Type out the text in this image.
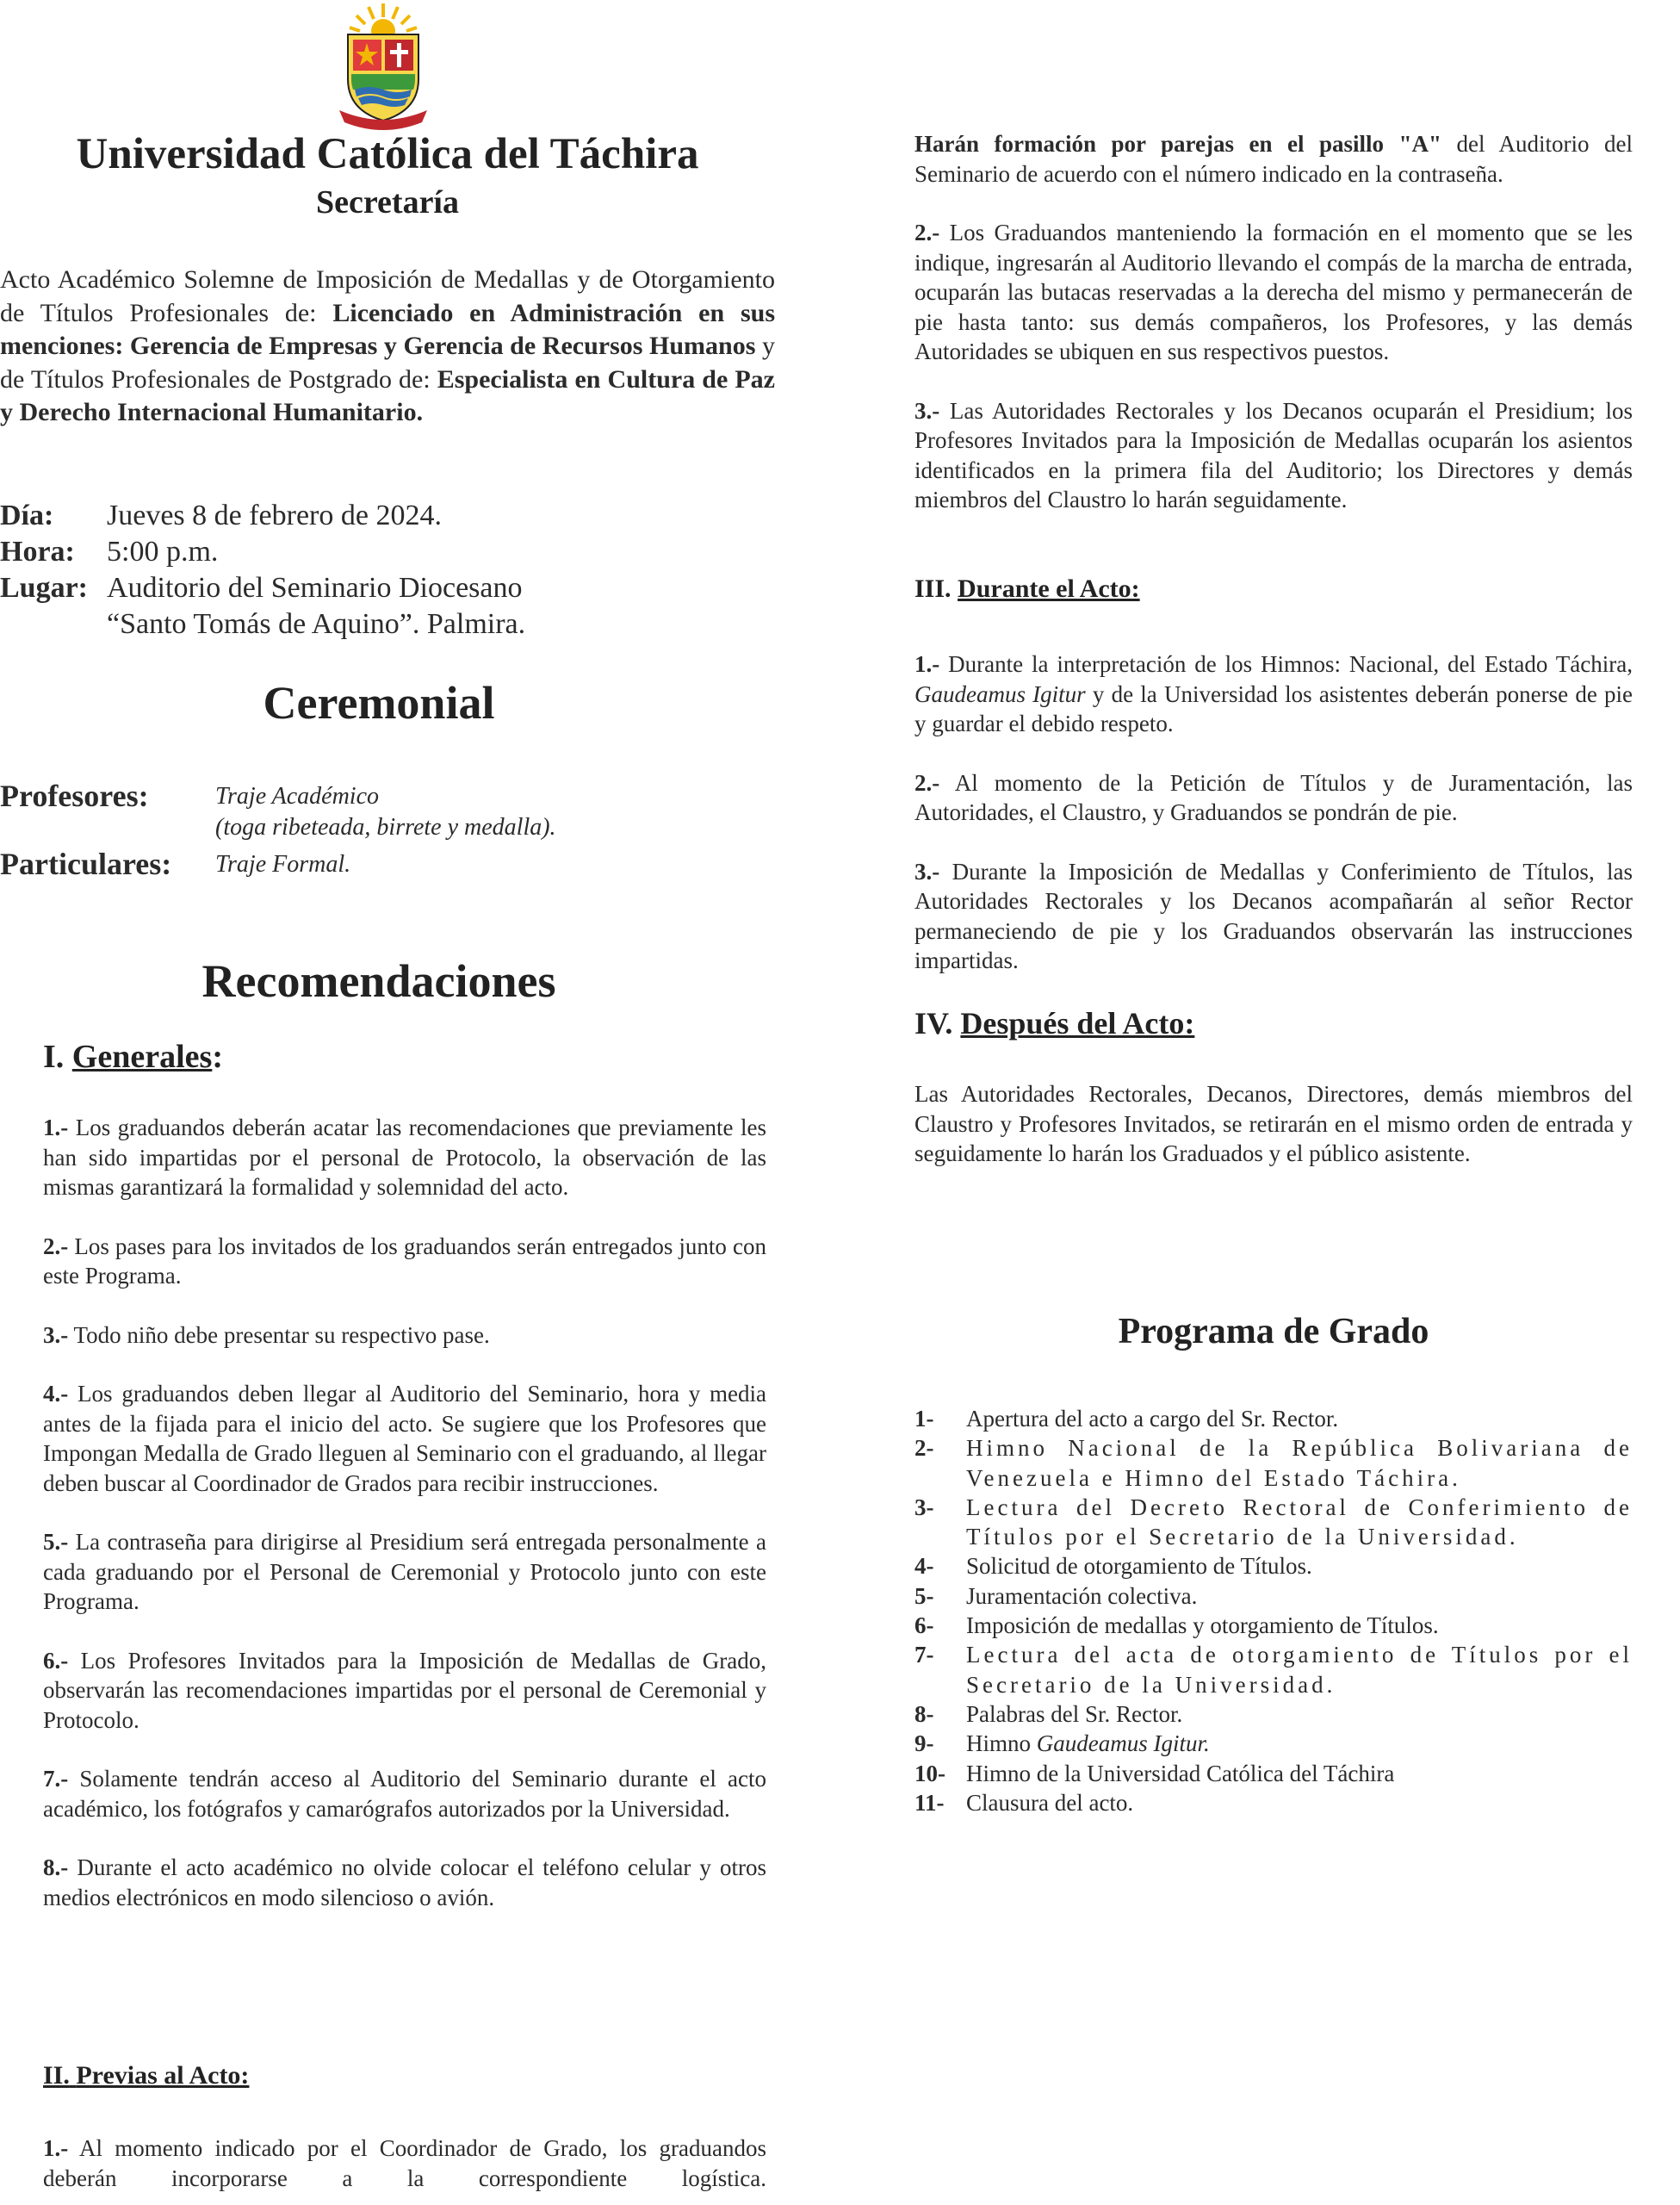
Universidad Católica del Táchira
Secretaría
Acto Académico Solemne de Imposición de Medallas y de Otorgamiento de Títulos Profesionales de: Licenciado en Administración en sus menciones: Gerencia de Empresas y Gerencia de Recursos Humanos y de Títulos Profesionales de Postgrado de: Especialista en Cultura de Paz y Derecho Internacional Humanitario.
Día:	Jueves 8 de febrero de 2024.
Hora:	5:00 p.m.
Lugar: Auditorio del Seminario Diocesano “Santo Tomás de Aquino”. Palmira.
Ceremonial
Profesores:	Traje Académico
(toga ribeteada, birrete y medalla).
Particulares:	Traje Formal.
Recomendaciones
I. Generales:

1.- Los graduandos deberán acatar las recomendaciones que previamente les han sido impartidas por el personal de Protocolo, la observación de las mismas garantizará la formalidad y solemnidad del acto.

2.- Los pases para los invitados de los graduandos serán entregados junto con este Programa.

3.- Todo niño debe presentar su respectivo pase.

4.- Los graduandos deben llegar al Auditorio del Seminario, hora y media antes de la fijada para el inicio del acto. Se sugiere que los Profesores que Impongan Medalla de Grado lleguen al Seminario con el graduando, al llegar deben buscar al Coordinador de Grados para recibir instrucciones.

5.- La contraseña para dirigirse al Presidium será entregada personalmente a cada graduando por el Personal de Ceremonial y Protocolo junto con este Programa.

6.- Los Profesores Invitados para la Imposición de Medallas de Grado, observarán las recomendaciones impartidas por el personal de Ceremonial y Protocolo.

7.- Solamente tendrán acceso al Auditorio del Seminario durante el acto académico, los fotógrafos y camarógrafos autorizados por la Universidad.

8.- Durante el acto académico no olvide colocar el teléfono celular y otros medios electrónicos en modo silencioso o avión.

II. Previas al Acto:
1.- Al momento indicado por el Coordinador de Grado, los graduandos deberán incorporarse a la correspondiente logística.

Harán formación por parejas en el pasillo "A" del Auditorio del Seminario de acuerdo con el número indicado en la contraseña.

2.- Los Graduandos manteniendo la formación en el momento que se les indique, ingresarán al Auditorio llevando el compás de la marcha de entrada, ocuparán las butacas reservadas a la derecha del mismo y permanecerán de pie hasta tanto: sus demás compañeros, los Profesores, y las demás Autoridades se ubiquen en sus respectivos puestos.

3.- Las Autoridades Rectorales y los Decanos ocuparán el Presidium; los Profesores Invitados para la Imposición de Medallas ocuparán los asientos identificados en la primera fila del Auditorio; los Directores y demás miembros del Claustro lo harán seguidamente.

III. Durante el Acto:

1.- Durante la interpretación de los Himnos: Nacional, del Estado Táchira, Gaudeamus Igitur y de la Universidad los asistentes deberán ponerse de pie y guardar el debido respeto.

2.- Al momento de la Petición de Títulos y de Juramentación, las Autoridades, el Claustro, y Graduandos se pondrán de pie.

3.- Durante la Imposición de Medallas y Conferimiento de Títulos, las Autoridades Rectorales y los Decanos acompañarán al señor Rector permaneciendo de pie y los Graduandos observarán las instrucciones impartidas.

IV. Después del Acto:

Las Autoridades Rectorales, Decanos, Directores, demás miembros del Claustro y Profesores Invitados, se retirarán en el mismo orden de entrada y seguidamente lo harán los Graduados y el público asistente.

Programa de Grado
1-	Apertura del acto a cargo del Sr. Rector.
2-	Himno Nacional de la República Bolivariana de Venezuela e Himno del Estado Táchira.
3-	Lectura del Decreto Rectoral de Conferimiento de Títulos por el Secretario de la Universidad.
4-	Solicitud de otorgamiento de Títulos.
5-	Juramentación colectiva.
6-	Imposición de medallas y otorgamiento de Títulos.
7-	Lectura del acta de otorgamiento de Títulos por el Secretario de la Universidad.
8-	Palabras del Sr. Rector.
9-	Himno Gaudeamus Igitur.
10- Himno de la Universidad Católica del Táchira
11- Clausura del acto.
